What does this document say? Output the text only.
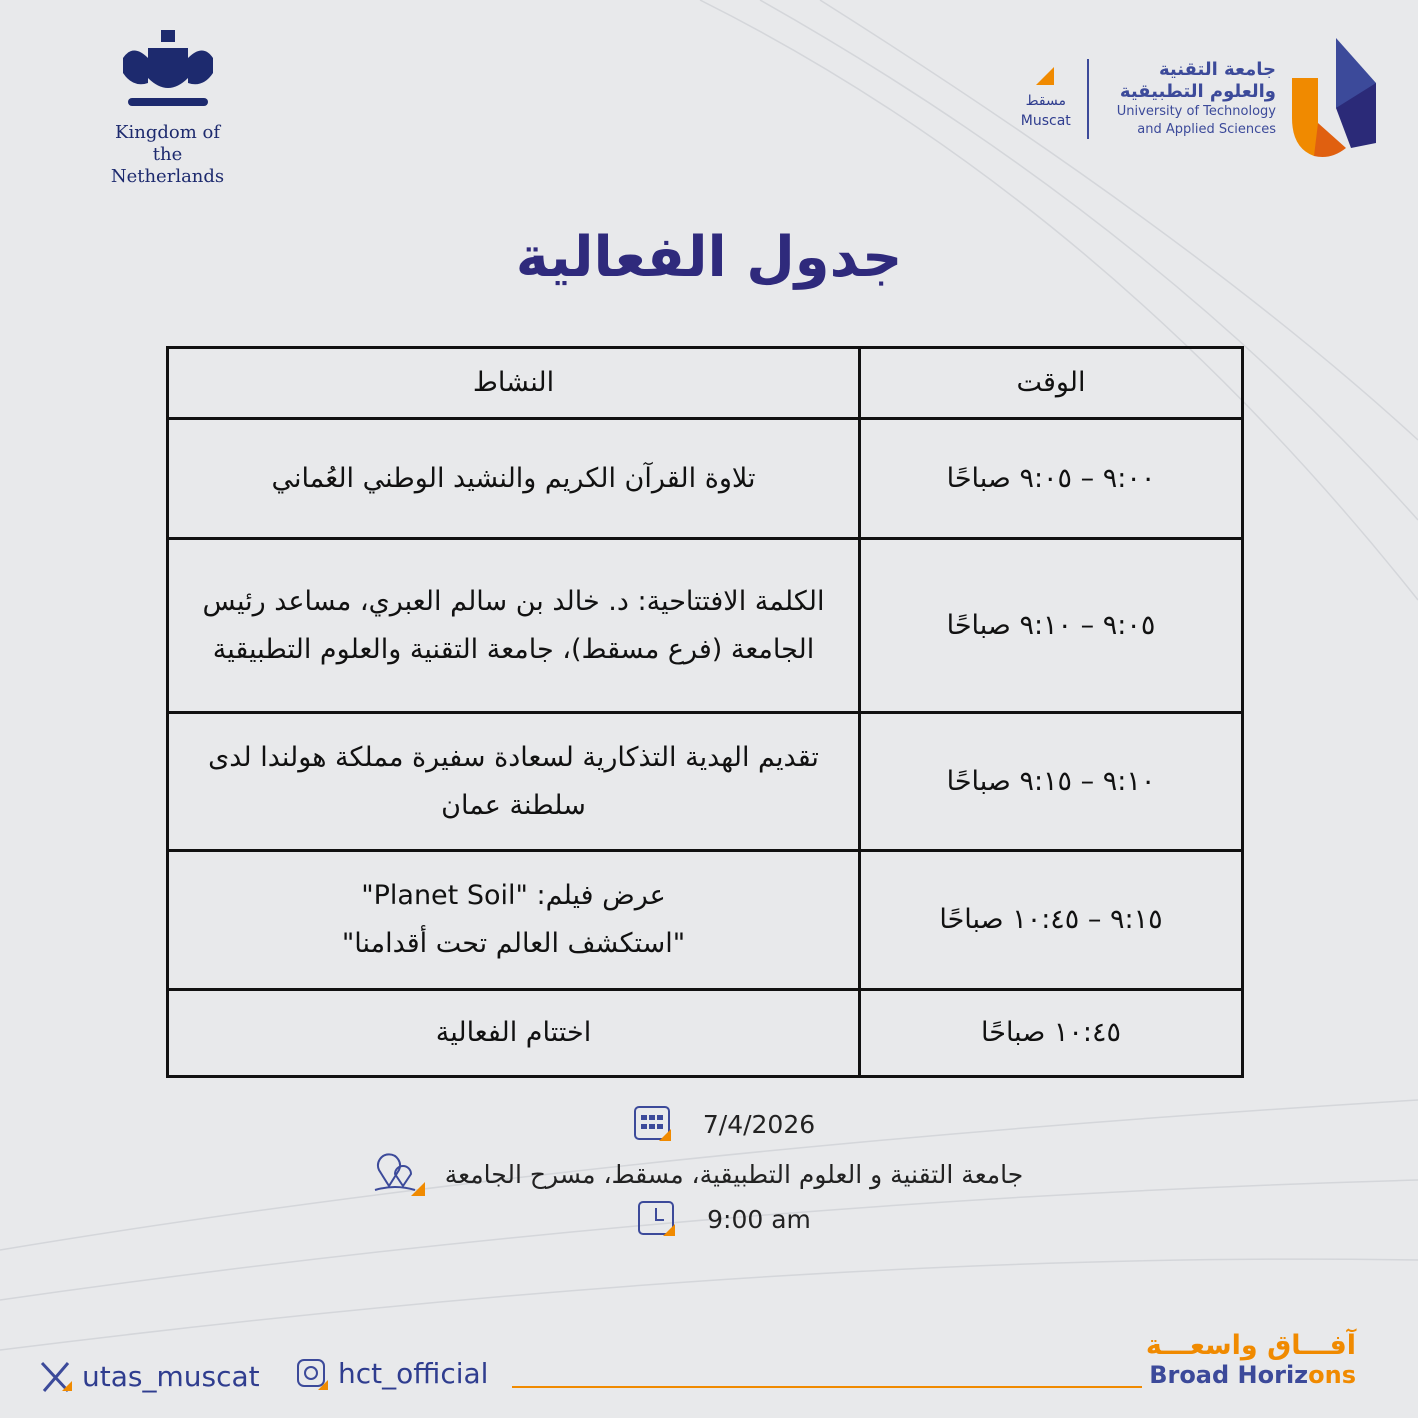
Kingdom of
the Netherlands
مسقط
Muscat
جامعة التقنية
والعلوم التطبيقية
University of Technology
and Applied Sciences
جدول الفعالية
الوقت	النشاط
٩:٠٠ – ٩:٠٥ صباحًا	تلاوة القرآن الكريم والنشيد الوطني العُماني
٩:٠٥ – ٩:١٠ صباحًا	الكلمة الافتتاحية: د. خالد بن سالم العبري، مساعد رئيس الجامعة (فرع مسقط)، جامعة التقنية والعلوم التطبيقية
٩:١٠ – ٩:١٥ صباحًا	تقديم الهدية التذكارية لسعادة سفيرة مملكة هولندا لدى سلطنة عمان
٩:١٥ – ١٠:٤٥ صباحًا	عرض فيلم: "Planet Soil"
"استكشف العالم تحت أقدامنا"

١٠:٤٥ صباحًا	اختتام الفعالية
7/4/2026
جامعة التقنية و العلوم التطبيقية، مسقط، مسرح الجامعة
9:00 am
utas_muscat	hct_official
آفـــاق واسعـــة
Broad Horizons
